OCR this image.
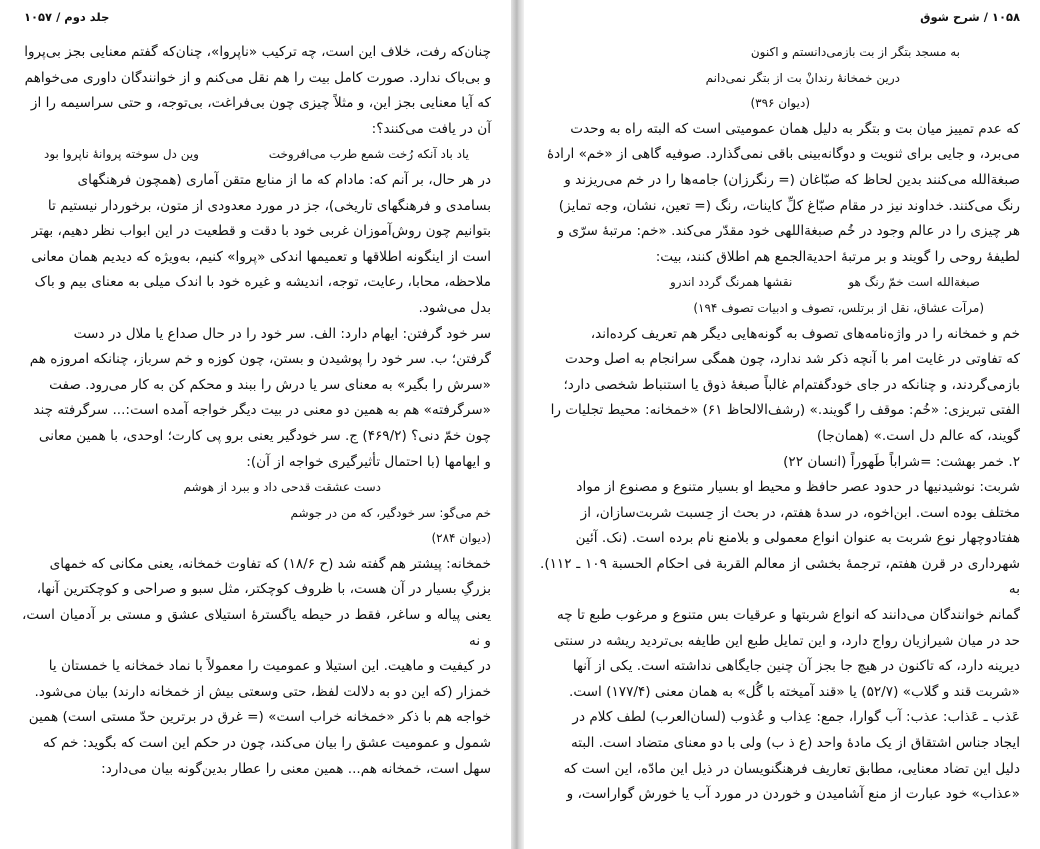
جلد دوم / ۱۰۵۷

چنان‌که رفت، خلاف این است، چه ترکیب «ناپروا»، چنان‌که گفتم معنایی بجز بی‌پروا

و بی‌باک ندارد. صورت کامل بیت را هم نقل می‌کنم و از خوانندگان داوری می‌خواهم

که آیا معنایی بجز این، و مثلاً چیزی چون بی‌فراغت، بی‌توجه، و حتی سراسیمه را از

آن در یافت می‌کنند؟:

یاد باد آنکه رُخت شمع طرب می‌افروخت
وین دل سوخته پروانهٔ ناپروا بود

در هر حال، بر آنم که: مادام که ما از منابع متقن آماری (همچون فرهنگهای

بسامدی و فرهنگهای تاریخی)، جز در مورد معدودی از متون، برخوردار نیستیم تا

بتوانیم چون روش‌آموزان غربی خود با دقت و قطعیت در این ابواب نظر دهیم، بهتر

است از اینگونه اطلاقها و تعمیمها اندکی «پروا» کنیم، به‌ویژه که دیدیم همان معانی

ملاحظه، محابا، رعایت، توجه، اندیشه و غیره خود با اندک میلی به معنای بیم و باک

بدل می‌شود.

سر خود گرفتن: ایهام دارد: الف. سر خود را در حال صداع یا ملال در دست

گرفتن؛ ب. سر خود را پوشیدن و بستن، چون کوزه و خم سرباز، چنانکه امروزه هم

«سرش را بگیر» به معنای سر یا درش را ببند و محکم کن به کار می‌رود. صفت

«سرگرفته» هم به همین دو معنی در بیت دیگر خواجه آمده است:... سرگرفته چند

چون خمّ دنی؟ (۴۶۹/۲) ج. سر خودگیر یعنی برو پی کارت؛ اوحدی، با همین معانی

و ایهامها (با احتمال تأثیرگیری خواجه از آن):

دست عشقت قدحی داد و ببرد از هوشم

خم می‌گو: سر خودگیر، که من در جوشم

(دیوان ۲۸۴)

خمخانه: پیشتر هم گفته شد (ح ۱۸/۶) که تفاوت خمخانه، یعنی مکانی که خمهای

بزرگِ بسیار در آن هست، با ظروف کوچکتر، مثل سبو و صراحی و کوچکترین آنها،

یعنی پیاله و ساغر، فقط در حیطه یاگسترهٔ استیلای عشق و مستی بر آدمیان است، و نه

در کیفیت و ماهیت. این استیلا و عمومیت را معمولاً با نماد خمخانه یا خمستان یا

خمزار (که این دو به دلالت لفظ، حتی وسعتی بیش از خمخانه دارند) بیان می‌شود.

خواجه هم با ذکر «خمخانه خراب است» (= غرق در برترین حدّ مستی است) همین

شمول و عمومیت عشق را بیان می‌کند، چون در حکم این است که بگوید: خم که

سهل است، خمخانه هم... همین معنی را عطار بدین‌گونه بیان می‌دارد:

۱۰۵۸ / شرح شوق

به مسجد بتگر از بت بازمی‌دانستم و اکنون

درین خمخانهٔ رندانْ بت از بتگر نمی‌دانم

(دیوان ۳۹۶)

که عدم تمییز میان بت و بتگر به دلیل همان عمومیتی است که البته راه به وحدت

می‌برد، و جایی برای ثنویت و دوگانه‌بینی باقی نمی‌گذارد. صوفیه گاهی از «خم» ارادهٔ

صبغةالله می‌کنند بدین لحاظ که صبّاغان (= رنگرزان) جامه‌ها را در خم می‌ریزند و

رنگ می‌کنند. خداوند نیز در مقام صبّاغ کلِّ کاینات، رنگ (= تعین، نشان، وجه تمایز)

هر چیزی را در عالم وجود در خُم صبغةاللهی خود مقدّر می‌کند. «خم: مرتبهٔ سرّی و

لطیفهٔ روحی را گویند و بر مرتبهٔ احدیةالجمع هم اطلاق کنند، بیت:

صبغةالله است خمّ رنگ هو
نقشها همرنگ گردد اندرو

(مرآت عشاق، نقل از برتلس، تصوف و ادبیات تصوف ۱۹۴)

خم و خمخانه را در واژه‌نامه‌های تصوف به گونه‌هایی دیگر هم تعریف کرده‌اند،

که تفاوتی در غایت امر با آنچه ذکر شد ندارد، چون همگی سرانجام به اصل وحدت

بازمی‌گردند، و چنانکه در جای خودگفتم‌ام غالباً صبغهٔ ذوق یا استنباط شخصی دارد؛

الفتی تبریزی: «خُم: موقف را گویند.» (رشف‌الالحاظ ۶۱) «خمخانه: محیط تجلیات را

گویند، که عالم دل است.» (همان‌جا)

۲. خمر بهشت: =شراباً طَهوراً (انسان ۲۲)

شربت: نوشیدنیها در حدود عصر حافظ و محیط او بسیار متنوع و مصنوع از مواد

مختلف بوده است. ابن‌اخوه، در سدهٔ هفتم، در بحث از حِسبت شربت‌سازان، از

هفتادوچهار نوع شربت به عنوان انواع معمولی و بلامنع نام برده است. (نک. آئین

شهرداری در قرن هفتم، ترجمهٔ بخشی از معالم القربة فی احکام الحسبة ۱۰۹ ـ ۱۱۲). به

گمانم خوانندگان می‌دانند که انواع شربتها و عرقیات بس متنوع و مرغوب طبع تا چه

حد در میان شیرازیان رواج دارد، و این تمایل طبع این طایفه بی‌تردید ریشه در سنتی

دیرینه دارد، که تاکنون در هیچ جا بجز آن چنین جایگاهی نداشته است. یکی از آنها

«شربت قند و گلاب» (۵۲/۷) یا «قند آمیخته با گُل» به همان معنی (۱۷۷/۴) است.

عَذب ـ عَذاب: عذب: آب گوارا، جمع: عِذاب و عُذوب (لسان‌العرب) لطف کلام در

ایجاد جناس اشتقاق از یک مادهٔ واحد (ع ذ ب) ولی با دو معنای متضاد است. البته

دلیل این تضاد معنایی، مطابق تعاریف فرهنگنویسان در ذیل این مادّه، این است که

«عذاب» خود عبارت از منع آشامیدن و خوردن در مورد آب یا خورش گواراست، و
